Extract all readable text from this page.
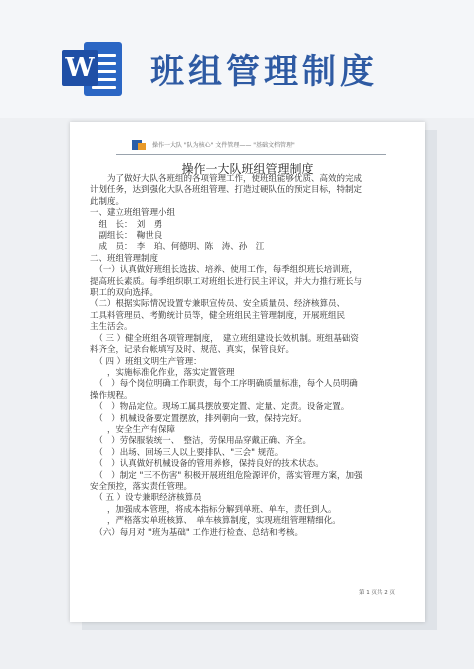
W 班组管理制度
操作一大队 "队为核心" 文件管理—— "基础文档管理"
操作一大队班组管理制度

　　为了做好大队各班组的各项管理工作，使班组能够优质、高效的完成

计划任务，达到强化大队各班组管理、打造过硬队伍的预定目标，特制定

此制度。

一、建立班组管理小组

　组　长：　刘　勇

　副组长：　鞠世良

　成　员：　李　珀、何德明、陈　涛、孙　江

二、班组管理制度

　（一）认真做好班组长选拔、培养、使用工作，每季组织班长培训班，

提高班长素质。每季组织职工对班组长进行民主评议，并大力推行班长与

职工的双向选择。

（二）根据实际情况设置专兼职宣传员、安全质量员、经济核算员、

工具料管理员、考勤统计员等，健全班组民主管理制度，开展班组民

主生活会。

　（ 三 ）健全班组各项管理制度，　建立班组建设长效机制。班组基础资

料齐全，记录台帐填写及时、规范、真实，保管良好。

　（ 四 ）班组文明生产管理：

　　，实施标准化作业，落实定置管理

　（　）每个岗位明确工作职责，每个工序明确质量标准，每个人员明确

操作规程。

　（　）物品定位。现场工属具摆放要定置、定量、定责。设备定置。

　（　）机械设备要定置摆放，排列朝向一致，保持完好。

　　，安全生产有保障

　（　）劳保服装统一、　整洁，劳保用品穿戴正确、齐全。

　（　）出场、回场三人以上要排队、"三会" 规范。

　（　）认真做好机械设备的管用养修，保持良好的技术状态。

　（　）制定 "三不伤害" 积极开展班组危险源评价，落实管理方案，加强

安全预控，落实责任管理。

　（ 五 ）设专兼职经济核算员

　　，加强成本管理，将成本指标分解到单班、单车，责任到人。

　　，严格落实单班核算、　单车核算制度，实现班组管理精细化。

　（六）每月对 "班为基础" 工作进行检查、总结和考核。

第 1 页共 2 页
